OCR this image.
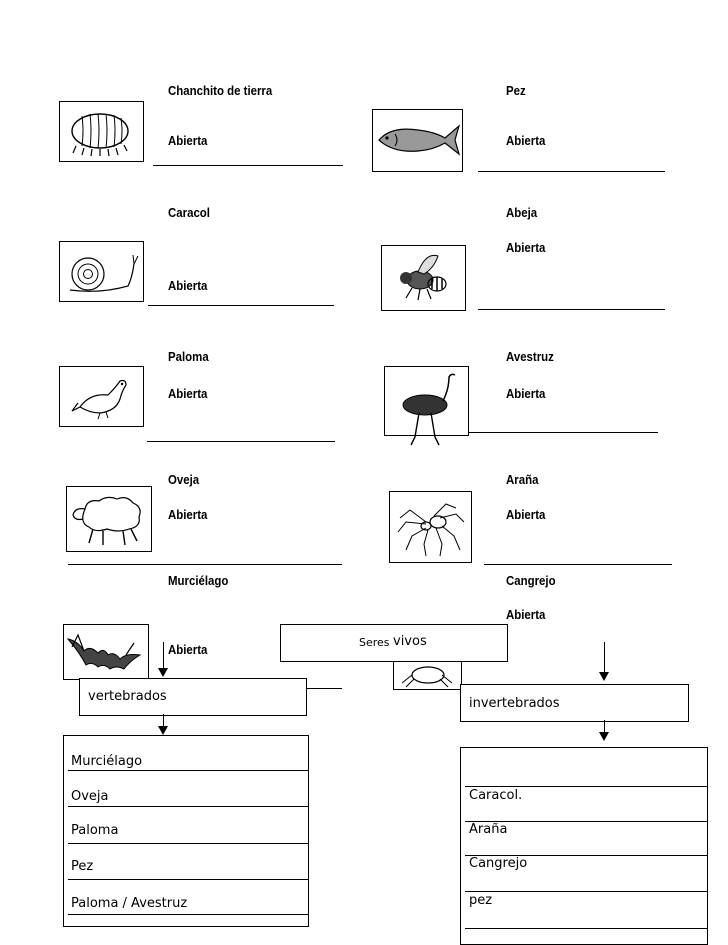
Chanchito de tierra
Abierta
Pez
Abierta
Caracol
Abierta
Abeja
Abierta
Paloma
Abierta
Avestruz
Abierta
Oveja
Abierta
Araña
Abierta
Murciélago
Abierta
Cangrejo
Abierta
Seres vivos
vertebrados	invertebrados
Murciélago
Oveja
Paloma
Pez
Paloma / Avestruz
Caracol.
Araña
Cangrejo
pez
